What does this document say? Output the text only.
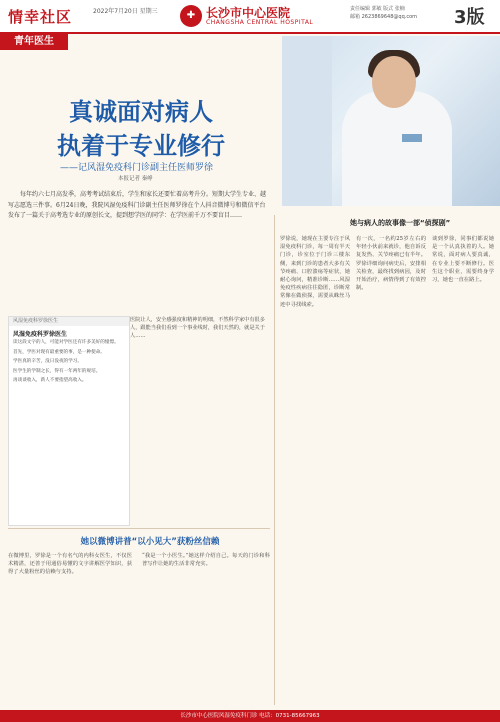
情幸社区	2022年7月20日 星期三	✚ 长沙市中心医院
CHANGSHA CENTRAL HOSPITAL
责任编辑 郭敏 版式 张楠
邮箱 2623869648@qq.com	3版
青年医生
真诚面对病人
执着于专业修行
——记风湿免疫科门诊副主任医师罗徐
本报记者 秦峥
每年约六七月高发季，高考考试结束后，学生和家长还要忙着高考升分。短期大学生专业、越写志愿选三件事。6月24日晚，我院风湿免疫科门诊副主任医师罗徐在个人抖音微博号和微信平台发布了一篇关于高考选专业的原创长文，提到想学医的同学：在学医前千万不要盲目……
风湿免疫科罗徐医生
风湿免疫科罗徐医生
读这段文字的人，可能对学医还有许多美好的憧憬。
首先，学医对现有最重要的事，是一种使命。
学医真的辛苦，没日没夜的学习。
医学生的学制之长，得有一年两年的规培。
再谈谈收入，新人不要指望高收入。
医院让人，安全感强度和精神的明细，不然科学家中有很多人，跟能当我们看到一个事业线时，我们天然的，就是关于人……
她以微博讲普“以小见大”获粉丝信赖
在微博里，罗徐是一个有名气的内科女医生，不仅医术精湛，还善于用通俗易懂的文字讲解医学知识，获得了大量粉丝的信赖与支持。
“我是一个小医生。”她这样介绍自己。每天的门诊和科普写作让她的生活非常充实。
她与病人的故事像一部“侦探剧”
罗徐说，她现在主要专注于风湿免疫科门诊，每一周有半天门诊，诊室位于门诊三楼东侧，来到门诊的患者大多有关节疼痛、口腔溃疡等症状，她耐心询问，精准诊断……风湿免疫性疾病往往隐匿，诊断常常像在做侦探，需要从蛛丝马迹中寻找线索。
有一次，一名约25岁左右的年轻小伙前来就诊，他自诉反复发热、关节疼痛已有半年。罗徐详细询问病史后，安排相关检查，最终找到病因，及时开始治疗，病情得到了有效控制。
谈到罗徐，同事们都说她是一个认真执着的人。她常说，面对病人要真诚，在专业上要不断修行。医生这个职业，需要终身学习，她也一直在路上。
长沙市中心医院风湿免疫科门诊 电话：0731-85667963
